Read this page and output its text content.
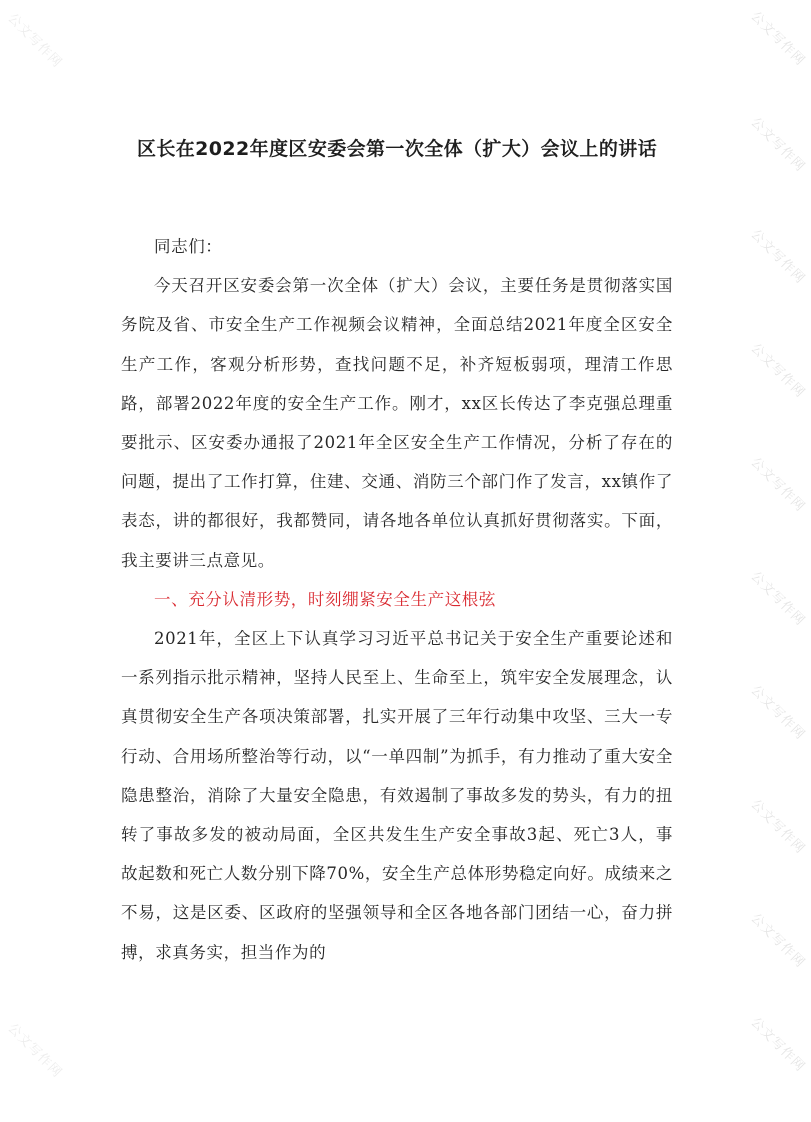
区长在2022年度区安委会第一次全体（扩大）会议上的讲话

同志们：

今天召开区安委会第一次全体（扩大）会议，主要任务是贯彻落实国务院及省、市安全生产工作视频会议精神，全面总结2021年度全区安全生产工作，客观分析形势，查找问题不足，补齐短板弱项，理清工作思路，部署2022年度的安全生产工作。刚才，xx区长传达了李克强总理重要批示、区安委办通报了2021年全区安全生产工作情况，分析了存在的问题，提出了工作打算，住建、交通、消防三个部门作了发言，xx镇作了表态，讲的都很好，我都赞同，请各地各单位认真抓好贯彻落实。下面，我主要讲三点意见。

一、充分认清形势，时刻绷紧安全生产这根弦

2021年，全区上下认真学习习近平总书记关于安全生产重要论述和一系列指示批示精神，坚持人民至上、生命至上，筑牢安全发展理念，认真贯彻安全生产各项决策部署，扎实开展了三年行动集中攻坚、三大一专行动、合用场所整治等行动，以“一单四制”为抓手，有力推动了重大安全隐患整治，消除了大量安全隐患，有效遏制了事故多发的势头，有力的扭转了事故多发的被动局面，全区共发生生产安全事故3起、死亡3人，事故起数和死亡人数分别下降70%，安全生产总体形势稳定向好。成绩来之不易，这是区委、区政府的坚强领导和全区各地各部门团结一心，奋力拼搏，求真务实，担当作为的

公文写作网
公文写作网
公文写作网
公文写作网
公文写作网
公文写作网
公文写作网
公文写作网
公文写作网
公文写作网
公文写作网
公文写作网
